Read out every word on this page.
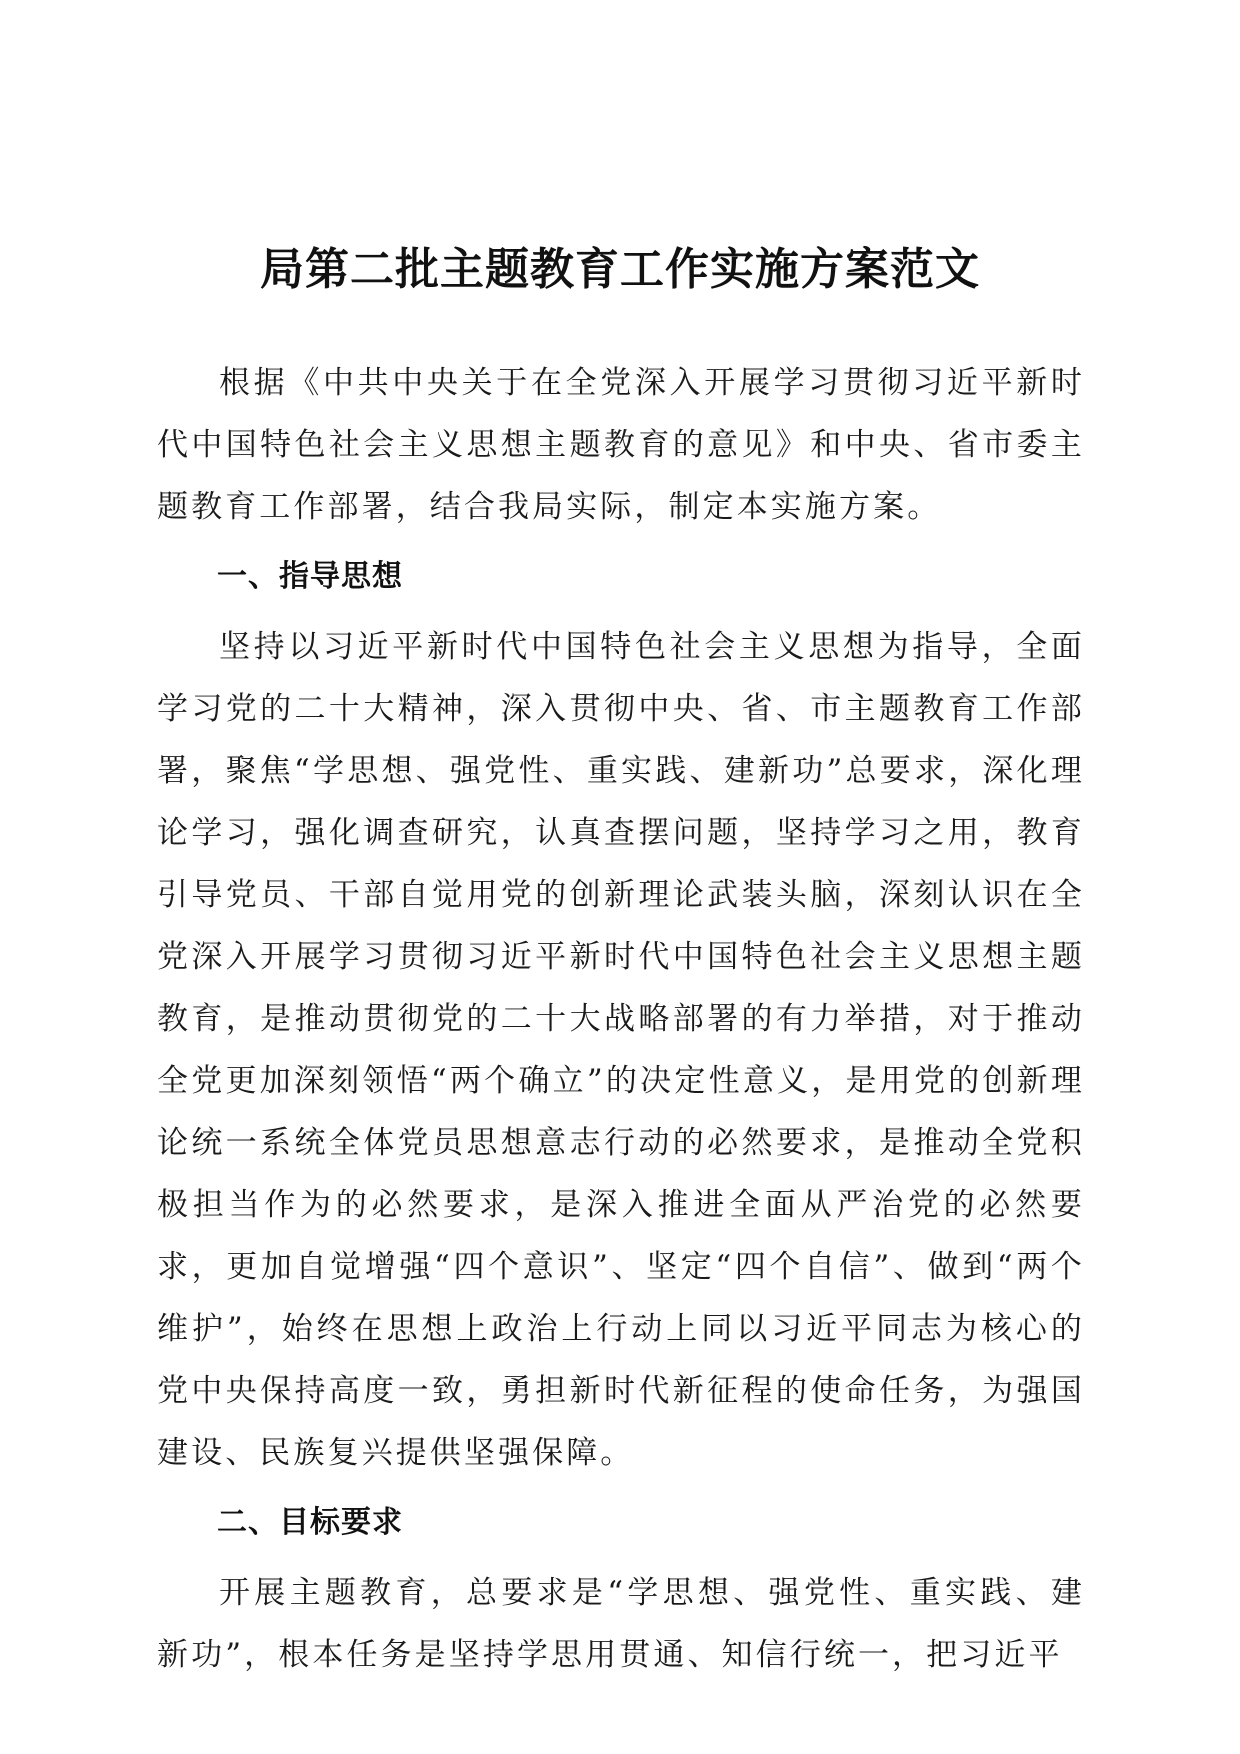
局第二批主题教育工作实施方案范文

根据《中共中央关于在全党深入开展学习贯彻习近平新时代中国特色社会主义思想主题教育的意见》和中央、省市委主题教育工作部署，结合我局实际，制定本实施方案。

一、指导思想

坚持以习近平新时代中国特色社会主义思想为指导，全面学习党的二十大精神，深入贯彻中央、省、市主题教育工作部署，聚焦“学思想、强党性、重实践、建新功”总要求，深化理论学习，强化调查研究，认真查摆问题，坚持学习之用，教育引导党员、干部自觉用党的创新理论武装头脑，深刻认识在全党深入开展学习贯彻习近平新时代中国特色社会主义思想主题教育，是推动贯彻党的二十大战略部署的有力举措，对于推动全党更加深刻领悟“两个确立”的决定性意义，是用党的创新理论统一系统全体党员思想意志行动的必然要求，是推动全党积极担当作为的必然要求，是深入推进全面从严治党的必然要求，更加自觉增强“四个意识”、坚定“四个自信”、做到“两个维护”，始终在思想上政治上行动上同以习近平同志为核心的党中央保持高度一致，勇担新时代新征程的使命任务，为强国建设、民族复兴提供坚强保障。

二、目标要求

开展主题教育，总要求是“学思想、强党性、重实践、建新功”，根本任务是坚持学思用贯通、知信行统一，把习近平
